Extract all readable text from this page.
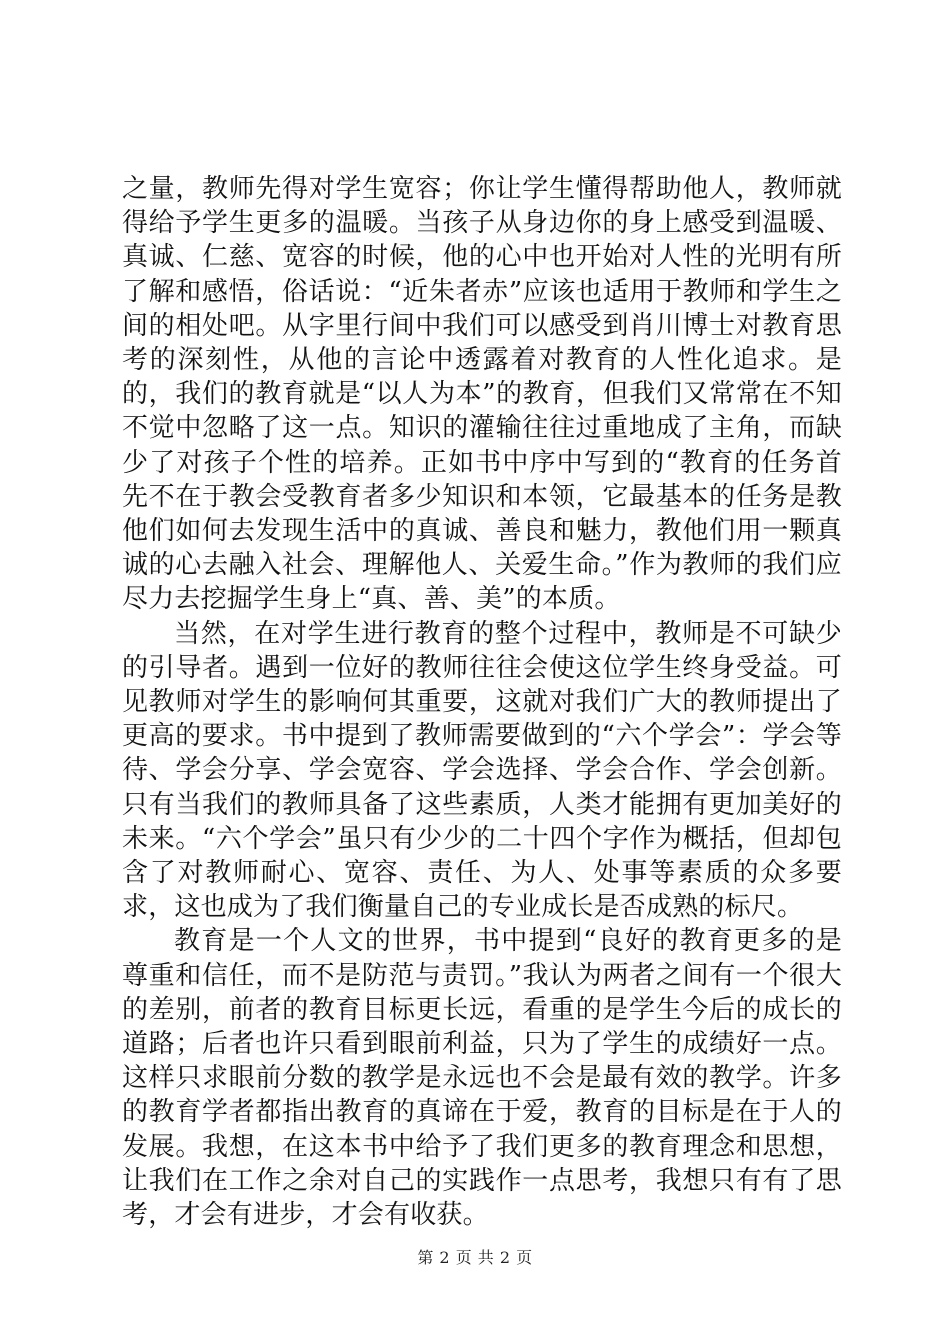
之量，教师先得对学生宽容；你让学生懂得帮助他人，教师就得给予学生更多的温暖。当孩子从身边你的身上感受到温暖、真诚、仁慈、宽容的时候，他的心中也开始对人性的光明有所了解和感悟，俗话说：“近朱者赤”应该也适用于教师和学生之间的相处吧。从字里行间中我们可以感受到肖川博士对教育思考的深刻性，从他的言论中透露着对教育的人性化追求。是的，我们的教育就是“以人为本”的教育，但我们又常常在不知不觉中忽略了这一点。知识的灌输往往过重地成了主角，而缺少了对孩子个性的培养。正如书中序中写到的“教育的任务首先不在于教会受教育者多少知识和本领，它最基本的任务是教他们如何去发现生活中的真诚、善良和魅力，教他们用一颗真诚的心去融入社会、理解他人、关爱生命。”作为教师的我们应尽力去挖掘学生身上“真、善、美”的本质。

当然，在对学生进行教育的整个过程中，教师是不可缺少的引导者。遇到一位好的教师往往会使这位学生终身受益。可见教师对学生的影响何其重要，这就对我们广大的教师提出了更高的要求。书中提到了教师需要做到的“六个学会”：学会等待、学会分享、学会宽容、学会选择、学会合作、学会创新。只有当我们的教师具备了这些素质，人类才能拥有更加美好的未来。“六个学会”虽只有少少的二十四个字作为概括，但却包含了对教师耐心、宽容、责任、为人、处事等素质的众多要求，这也成为了我们衡量自己的专业成长是否成熟的标尺。

教育是一个人文的世界，书中提到“良好的教育更多的是尊重和信任，而不是防范与责罚。”我认为两者之间有一个很大的差别，前者的教育目标更长远，看重的是学生今后的成长的道路；后者也许只看到眼前利益，只为了学生的成绩好一点。这样只求眼前分数的教学是永远也不会是最有效的教学。许多的教育学者都指出教育的真谛在于爱，教育的目标是在于人的发展。我想，在这本书中给予了我们更多的教育理念和思想，让我们在工作之余对自己的实践作一点思考，我想只有有了思考，才会有进步，才会有收获。

第 2 页 共 2 页
